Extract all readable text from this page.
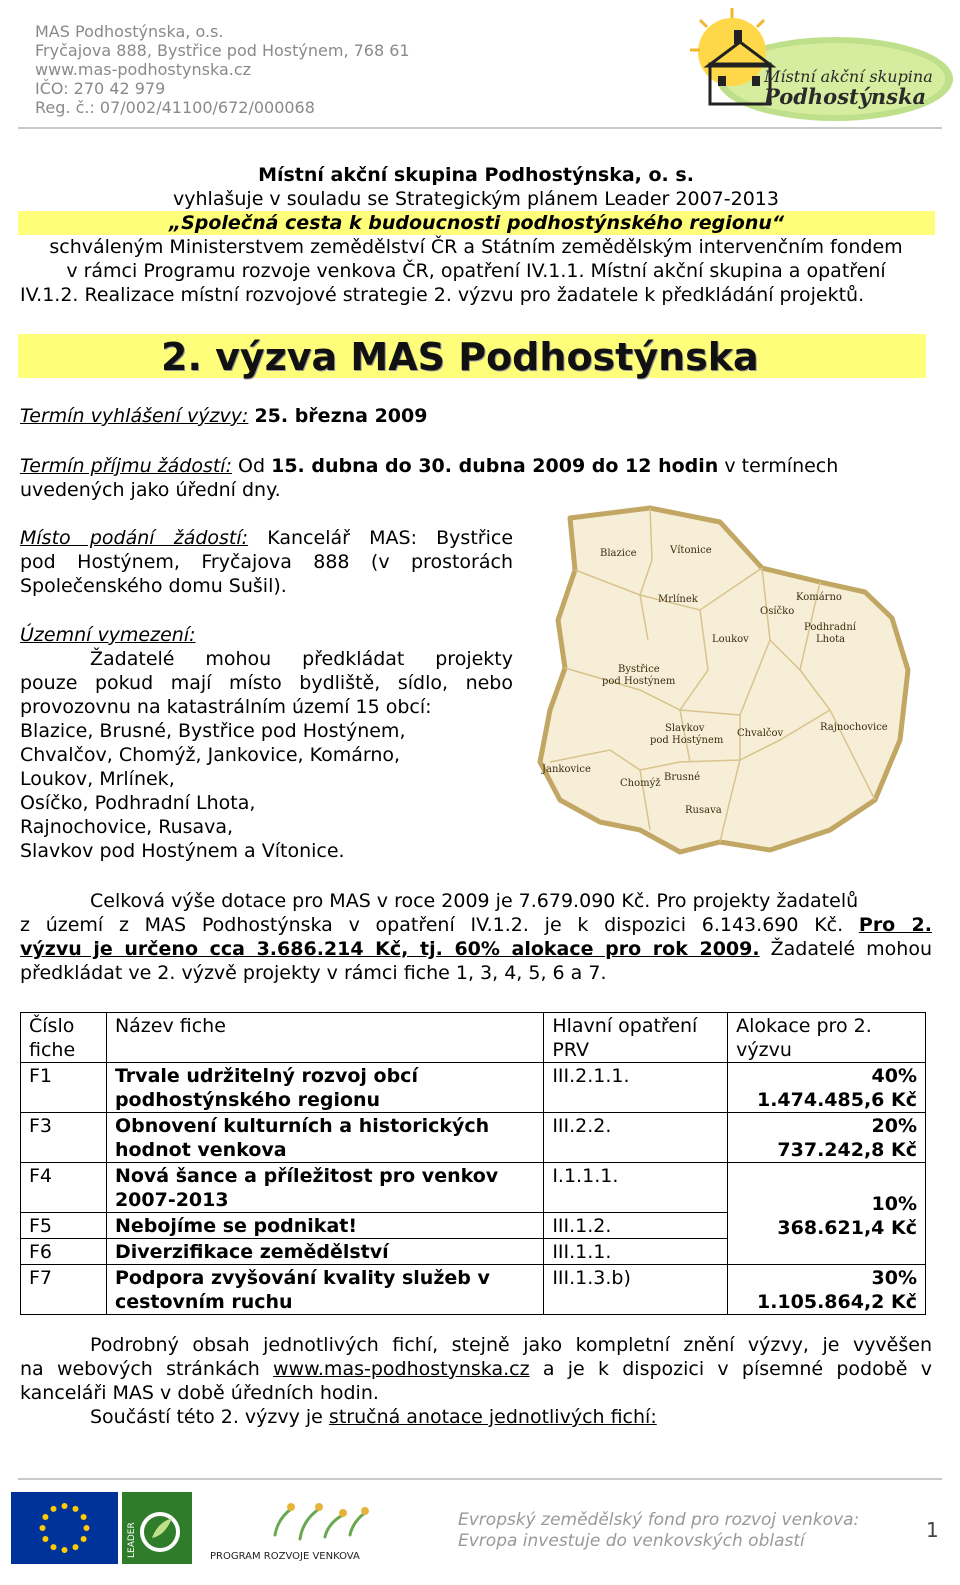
MAS Podhostýnska, o.s.
Fryčajova 888, Bystřice pod Hostýnem, 768 61
www.mas-podhostynska.cz
IČO: 270 42 979
Reg. č.: 07/002/41100/672/000068
Místní akční skupina
Podhostýnska
Místní akční skupina Podhostýnska, o. s.
vyhlašuje v souladu se Strategickým plánem Leader 2007-2013
„Společná cesta k budoucnosti podhostýnského regionu“
schváleným Ministerstvem zemědělství ČR a Státním zemědělským intervenčním fondem
v rámci Programu rozvoje venkova ČR, opatření IV.1.1. Místní akční skupina a opatření
IV.1.2. Realizace místní rozvojové strategie 2. výzvu pro žadatele k předkládání projektů.
2. výzva MAS Podhostýnska
Termín vyhlášení výzvy: 25. března 2009
Termín příjmu žádostí: Od 15. dubna do 30. dubna 2009 do 12 hodin v termínech
uvedených jako úřední dny.
Místo podání žádostí: Kancelář MAS: Bystřice
pod Hostýnem, Fryčajova 888 (v prostorách
Společenského domu Sušil).
Územní vymezení:
Žadatelé mohou předkládat projekty
pouze pokud mají místo bydliště, sídlo, nebo
provozovnu na katastrálním území 15 obcí:
Blazice, Brusné, Bystřice pod Hostýnem,
Chvalčov, Chomýž, Jankovice, Komárno,
Loukov, Mrlínek,
Osíčko, Podhradní Lhota,
Rajnochovice, Rusava,
Slavkov pod Hostýnem a Vítonice.
Blazice	Vítonice
Mrlínek	Komárno
Osíčko
Loukov
Podhradní
Lhota
Bystřice
pod Hostýnem
Rajnochovice
Slavkov
pod Hostýnem
Chvalčov
Jankovice
Chomýž
Brusné
Rusava
Celková výše dotace pro MAS v roce 2009 je 7.679.090 Kč. Pro projekty žadatelů
z území z MAS Podhostýnska v opatření IV.1.2. je k dispozici 6.143.690 Kč. Pro 2.
výzvu je určeno cca 3.686.214 Kč, tj. 60% alokace pro rok 2009. Žadatelé mohou
předkládat ve 2. výzvě projekty v rámci fiche 1, 3, 4, 5, 6 a 7.
Číslo fiche	Název fiche	Hlavní opatření PRV	Alokace pro 2. výzvu
F1	Trvale udržitelný rozvoj obcí podhostýnského regionu	III.2.1.1.	40%
1.474.485,6 Kč

F3	Obnovení kulturních a historických hodnot venkova	III.2.2.	20%
737.242,8 Kč

F4	Nová šance a příležitost pro venkov 2007-2013	I.1.1.1.	10%
368.621,4 Kč

F5	Nebojíme se podnikat!	III.1.2.	
F6	Diverzifikace zemědělství	III.1.1.	
F7	Podpora zvyšování kvality služeb v cestovním ruchu	III.1.3.b)	30%
1.105.864,2 Kč
Podrobný obsah jednotlivých fichí, stejně jako kompletní znění výzvy, je vyvěšen
na webových stránkách www.mas-podhostynska.cz a je k dispozici v písemné podobě v
kanceláři MAS v době úředních hodin.
Součástí této 2. výzvy je stručná anotace jednotlivých fichí:
LEADER	PROGRAM ROZVOJE VENKOVA
Evropský zemědělský fond pro rozvoj venkova:
Evropa investuje do venkovských oblastí	1
